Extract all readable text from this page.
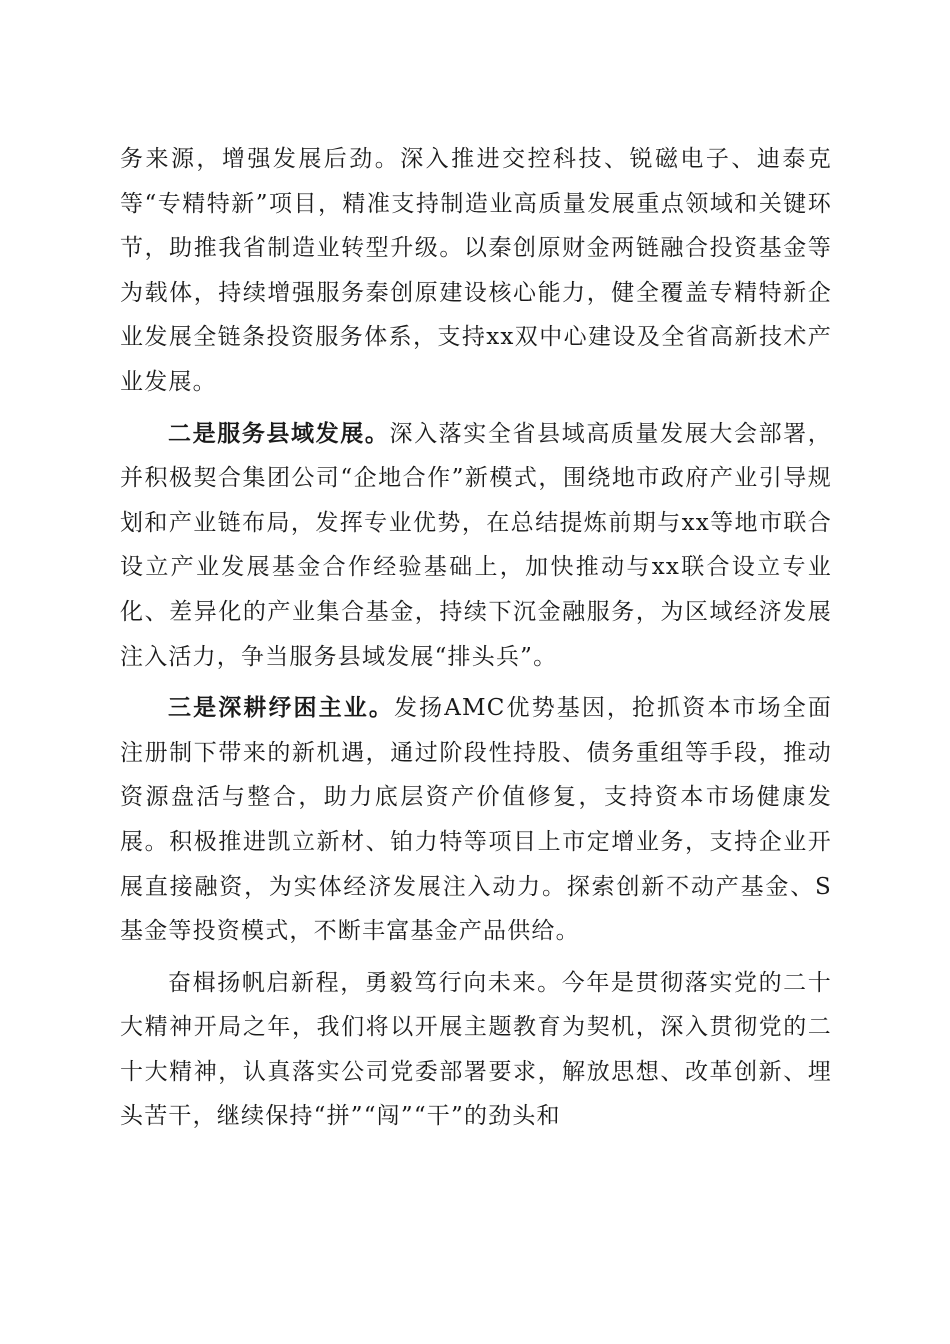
务来源，增强发展后劲。深入推进交控科技、锐磁电子、迪泰克等“专精特新”项目，精准支持制造业高质量发展重点领域和关键环节，助推我省制造业转型升级。以秦创原财金两链融合投资基金等为载体，持续增强服务秦创原建设核心能力，健全覆盖专精特新企业发展全链条投资服务体系，支持xx双中心建设及全省高新技术产业发展。

二是服务县域发展。深入落实全省县域高质量发展大会部署，并积极契合集团公司“企地合作”新模式，围绕地市政府产业引导规划和产业链布局，发挥专业优势，在总结提炼前期与xx等地市联合设立产业发展基金合作经验基础上，加快推动与xx联合设立专业化、差异化的产业集合基金，持续下沉金融服务，为区域经济发展注入活力，争当服务县域发展“排头兵”。

三是深耕纾困主业。发扬AMC优势基因，抢抓资本市场全面注册制下带来的新机遇，通过阶段性持股、债务重组等手段，推动资源盘活与整合，助力底层资产价值修复，支持资本市场健康发展。积极推进凯立新材、铂力特等项目上市定增业务，支持企业开展直接融资，为实体经济发展注入动力。探索创新不动产基金、S基金等投资模式，不断丰富基金产品供给。

奋楫扬帆启新程，勇毅笃行向未来。今年是贯彻落实党的二十大精神开局之年，我们将以开展主题教育为契机，深入贯彻党的二十大精神，认真落实公司党委部署要求，解放思想、改革创新、埋头苦干，继续保持“拼”“闯”“干”的劲头和
